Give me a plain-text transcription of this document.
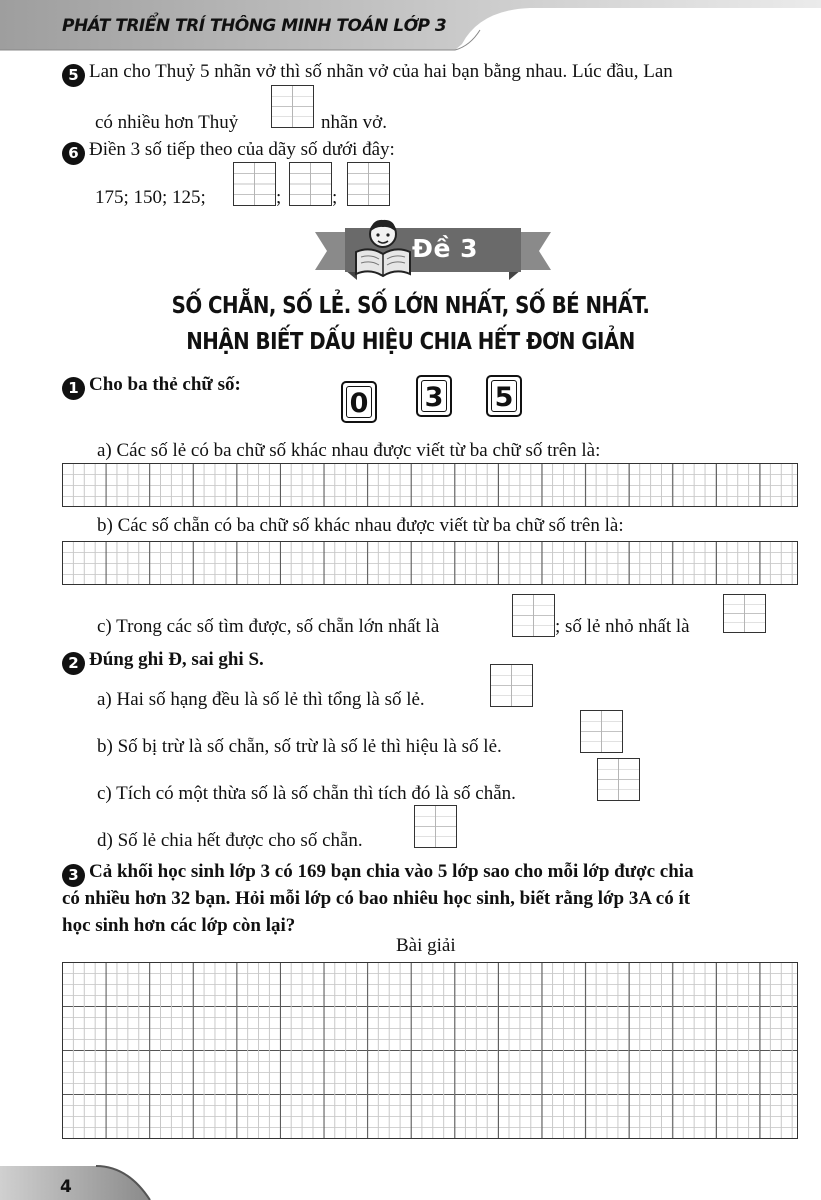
PHÁT TRIỂN TRÍ THÔNG MINH TOÁN LỚP 3
5 Lan cho Thuỷ 5 nhãn vở thì số nhãn vở của hai bạn bằng nhau. Lúc đầu, Lan
có nhiều hơn Thuỷ	nhãn vở.
6 Điền 3 số tiếp theo của dãy số dưới đây:
175; 150; 125;	;	;
Đề 3
SỐ CHẴN, SỐ LẺ. SỐ LỚN NHẤT, SỐ BÉ NHẤT.
NHẬN BIẾT DẤU HIỆU CHIA HẾT ĐƠN GIẢN
1 Cho ba thẻ chữ số:
0 3 5
a) Các số lẻ có ba chữ số khác nhau được viết từ ba chữ số trên là:
b) Các số chẵn có ba chữ số khác nhau được viết từ ba chữ số trên là:
c) Trong các số tìm được, số chẵn lớn nhất là	; số lẻ nhỏ nhất là
2 Đúng ghi Đ, sai ghi S.
a) Hai số hạng đều là số lẻ thì tổng là số lẻ.
b) Số bị trừ là số chẵn, số trừ là số lẻ thì hiệu là số lẻ.
c) Tích có một thừa số là số chẵn thì tích đó là số chẵn.
d) Số lẻ chia hết được cho số chẵn.
3 Cả khối học sinh lớp 3 có 169 bạn chia vào 5 lớp sao cho mỗi lớp được chia
có nhiều hơn 32 bạn. Hỏi mỗi lớp có bao nhiêu học sinh, biết rằng lớp 3A có ít
học sinh hơn các lớp còn lại?
Bài giải
4
